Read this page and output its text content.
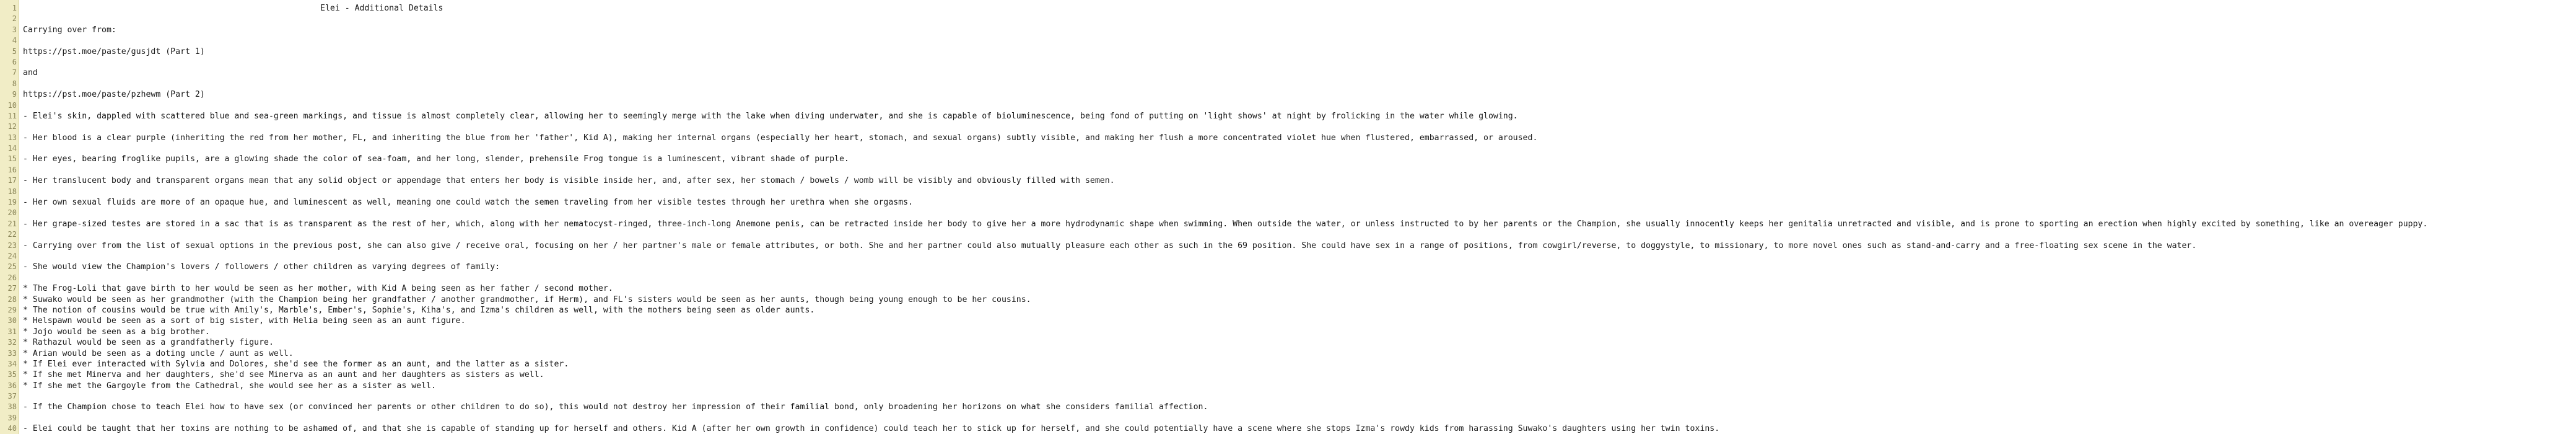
1	Elei - Additional Details
2
3 Carrying over from:
4
5 https://pst.moe/paste/gusjdt (Part 1)
6
7 and
8
9 https://pst.moe/paste/pzhewm (Part 2)
10
11 - Elei's skin, dappled with scattered blue and sea-green markings, and tissue is almost completely clear, allowing her to seemingly merge with the lake when diving underwater, and she is capable of bioluminescence, being fond of putting on 'light shows' at night by frolicking in the water while glowing.
12
13 - Her blood is a clear purple (inheriting the red from her mother, FL, and inheriting the blue from her 'father', Kid A), making her internal organs (especially her heart, stomach, and sexual organs) subtly visible, and making her flush a more concentrated violet hue when flustered, embarrassed, or aroused.
14
15 - Her eyes, bearing froglike pupils, are a glowing shade the color of sea-foam, and her long, slender, prehensile Frog tongue is a luminescent, vibrant shade of purple.
16
17 - Her translucent body and transparent organs mean that any solid object or appendage that enters her body is visible inside her, and, after sex, her stomach / bowels / womb will be visibly and obviously filled with semen.
18
19 - Her own sexual fluids are more of an opaque hue, and luminescent as well, meaning one could watch the semen traveling from her visible testes through her urethra when she orgasms.
20
21 - Her grape-sized testes are stored in a sac that is as transparent as the rest of her, which, along with her nematocyst-ringed, three-inch-long Anemone penis, can be retracted inside her body to give her a more hydrodynamic shape when swimming. When outside the water, or unless instructed to by her parents or the Champion, she usually innocently keeps her genitalia unretracted and visible, and is prone to sporting an erection when highly excited by something, like an overeager puppy.
22
23 - Carrying over from the list of sexual options in the previous post, she can also give / receive oral, focusing on her / her partner's male or female attributes, or both. She and her partner could also mutually pleasure each other as such in the 69 position. She could have sex in a range of positions, from cowgirl/reverse, to doggystyle, to missionary, to more novel ones such as stand-and-carry and a free-floating sex scene in the water.
24
25 - She would view the Champion's lovers / followers / other children as varying degrees of family:
26
27 * The Frog-Loli that gave birth to her would be seen as her mother, with Kid A being seen as her father / second mother.
28 * Suwako would be seen as her grandmother (with the Champion being her grandfather / another grandmother, if Herm), and FL's sisters would be seen as her aunts, though being young enough to be her cousins.
29 * The notion of cousins would be true with Amily's, Marble's, Ember's, Sophie's, Kiha's, and Izma's children as well, with the mothers being seen as older aunts.
30 * Helspawn would be seen as a sort of big sister, with Helia being seen as an aunt figure.
31 * Jojo would be seen as a big brother.
32 * Rathazul would be seen as a grandfatherly figure.
33 * Arian would be seen as a doting uncle / aunt as well.
34 * If Elei ever interacted with Sylvia and Dolores, she'd see the former as an aunt, and the latter as a sister.
35 * If she met Minerva and her daughters, she'd see Minerva as an aunt and her daughters as sisters as well.
36 * If she met the Gargoyle from the Cathedral, she would see her as a sister as well.
37
38 - If the Champion chose to teach Elei how to have sex (or convinced her parents or other children to do so), this would not destroy her impression of their familial bond, only broadening her horizons on what she considers familial affection.
39
40 - Elei could be taught that her toxins are nothing to be ashamed of, and that she is capable of standing up for herself and others. Kid A (after her own growth in confidence) could teach her to stick up for herself, and she could potentially have a scene where she stops Izma's rowdy kids from harassing Suwako's daughters using her twin toxins.
